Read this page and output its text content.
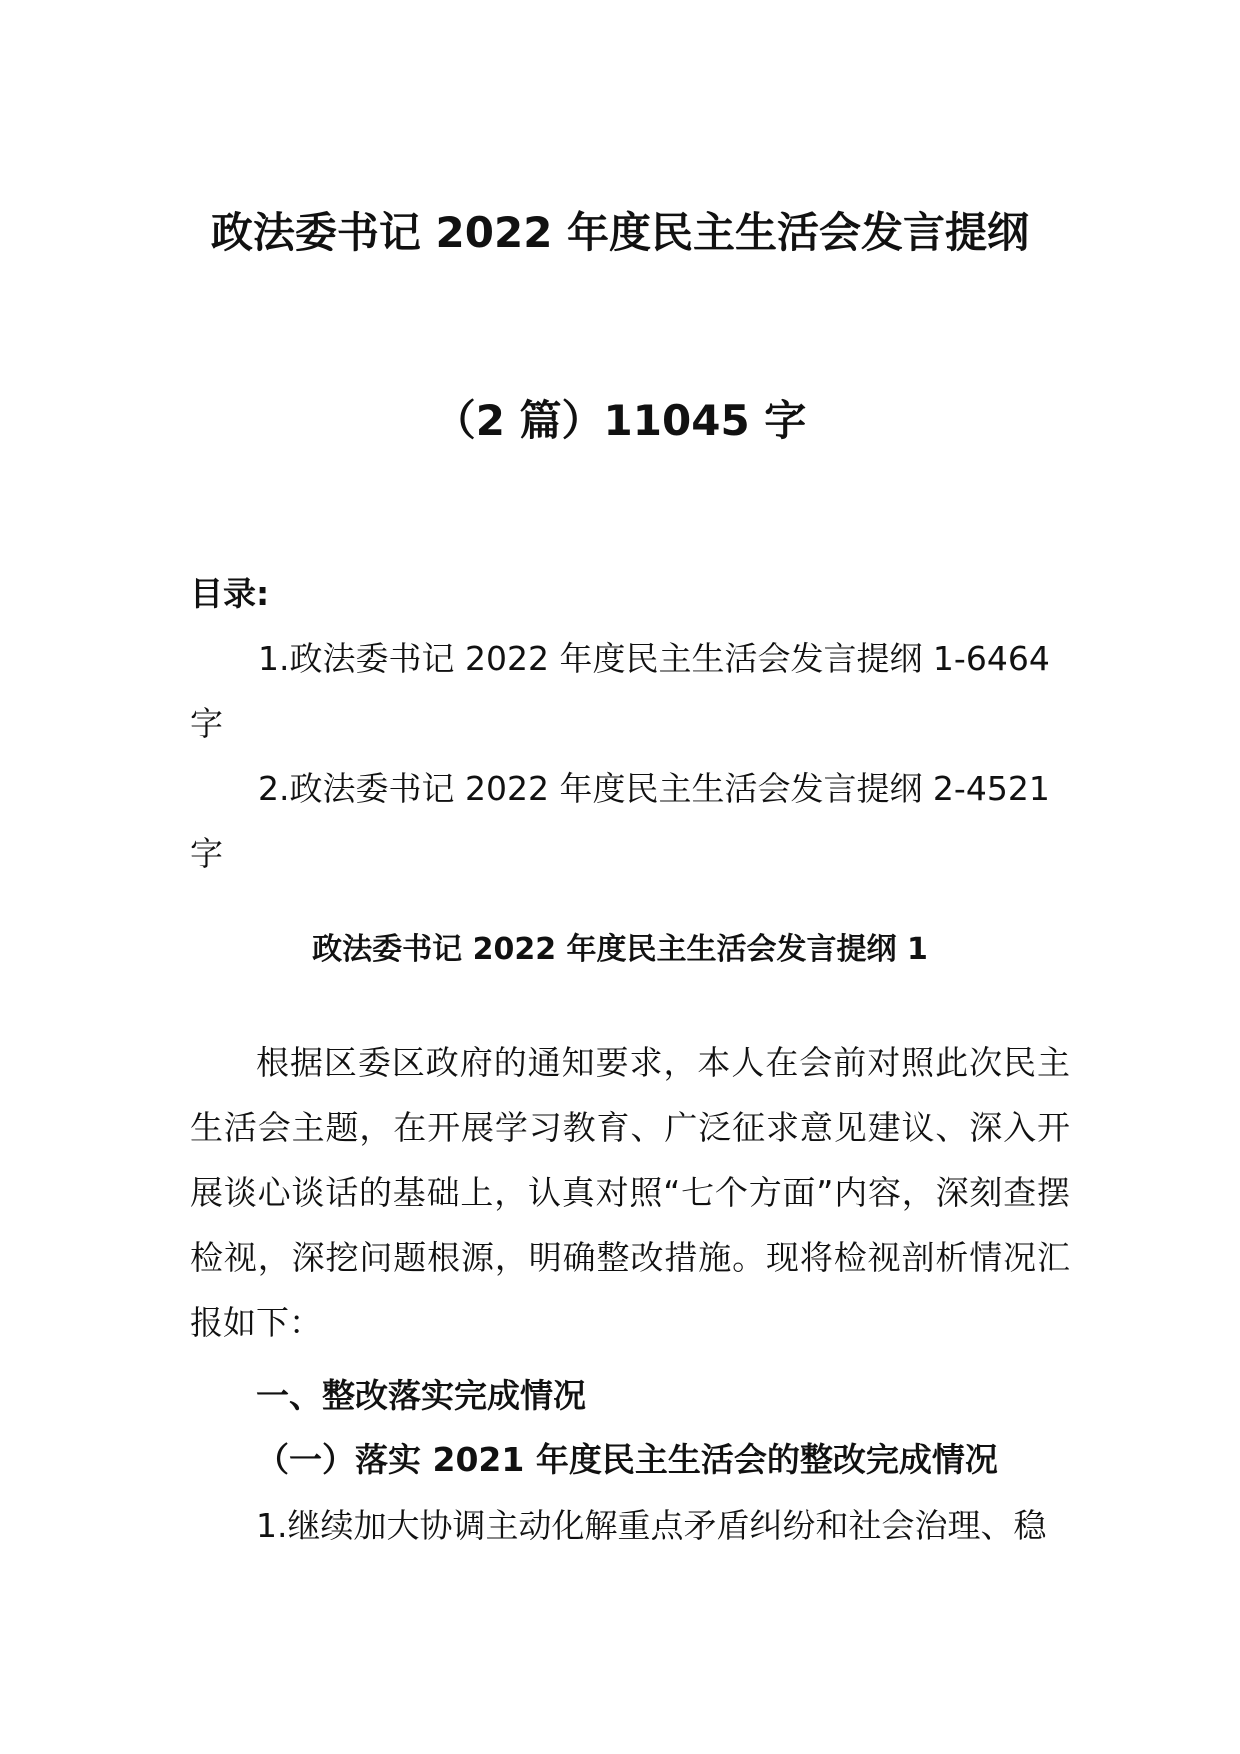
政法委书记 2022 年度民主生活会发言提纲
（2 篇）11045 字
目录:
1.政法委书记 2022 年度民主生活会发言提纲 1-6464 字
2.政法委书记 2022 年度民主生活会发言提纲 2-4521 字
政法委书记 2022 年度民主生活会发言提纲 1
根据区委区政府的通知要求，本人在会前对照此次民主生活会主题，在开展学习教育、广泛征求意见建议、深入开展谈心谈话的基础上，认真对照“七个方面”内容，深刻查摆检视，深挖问题根源，明确整改措施。现将检视剖析情况汇报如下：
一、整改落实完成情况
（一）落实 2021 年度民主生活会的整改完成情况
1.继续加大协调主动化解重点矛盾纠纷和社会治理、稳
